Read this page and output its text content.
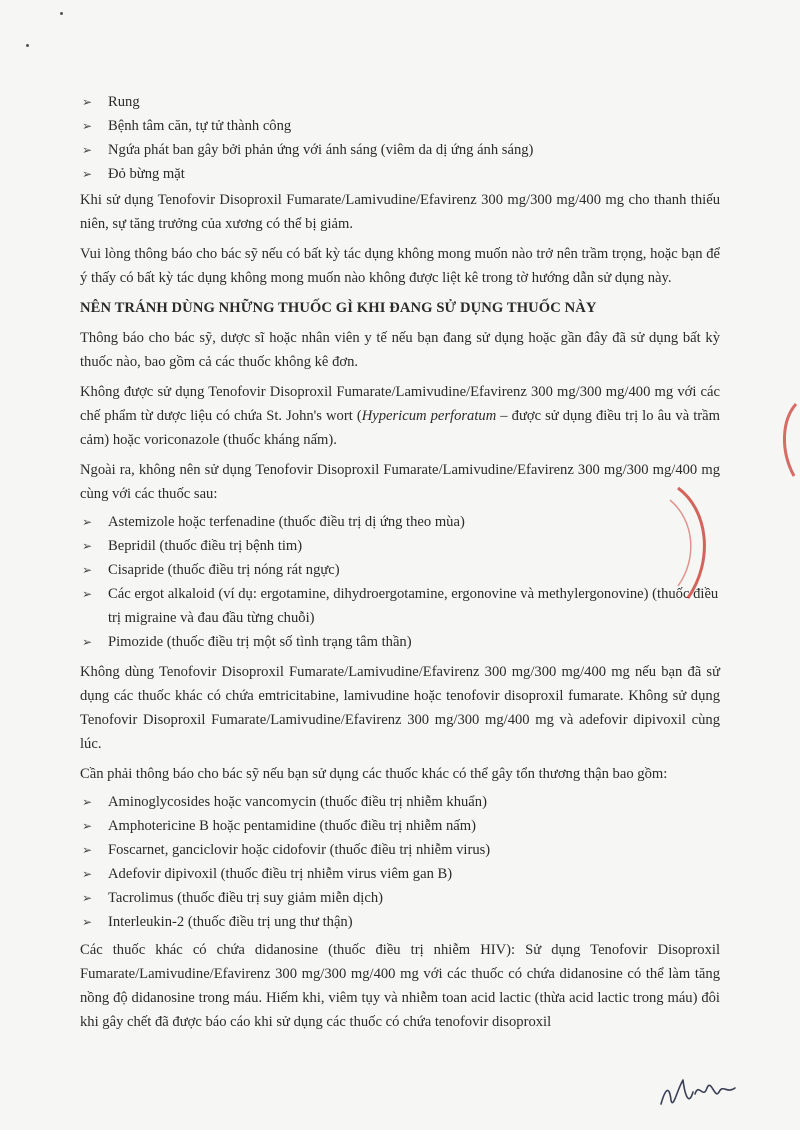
➢ Rung
➢ Bệnh tâm căn, tự tử thành công
➢ Ngứa phát ban gây bởi phản ứng với ánh sáng (viêm da dị ứng ánh sáng)
➢ Đỏ bừng mặt

Khi sử dụng Tenofovir Disoproxil Fumarate/Lamivudine/Efavirenz 300 mg/300 mg/400 mg cho thanh thiếu niên, sự tăng trưởng của xương có thể bị giảm.

Vui lòng thông báo cho bác sỹ nếu có bất kỳ tác dụng không mong muốn nào trở nên trầm trọng, hoặc bạn để ý thấy có bất kỳ tác dụng không mong muốn nào không được liệt kê trong tờ hướng dẫn sử dụng này.

NÊN TRÁNH DÙNG NHỮNG THUỐC GÌ KHI ĐANG SỬ DỤNG THUỐC NÀY

Thông báo cho bác sỹ, dược sĩ hoặc nhân viên y tế nếu bạn đang sử dụng hoặc gần đây đã sử dụng bất kỳ thuốc nào, bao gồm cả các thuốc không kê đơn.

Không được sử dụng Tenofovir Disoproxil Fumarate/Lamivudine/Efavirenz 300 mg/300 mg/400 mg với các chế phẩm từ dược liệu có chứa St. John's wort (Hypericum perforatum – được sử dụng điều trị lo âu và trầm cảm) hoặc voriconazole (thuốc kháng nấm).

Ngoài ra, không nên sử dụng Tenofovir Disoproxil Fumarate/Lamivudine/Efavirenz 300 mg/300 mg/400 mg cùng với các thuốc sau:

➢ Astemizole hoặc terfenadine (thuốc điều trị dị ứng theo mùa)
➢ Bepridil (thuốc điều trị bệnh tim)
➢ Cisapride (thuốc điều trị nóng rát ngực)
➢ Các ergot alkaloid (ví dụ: ergotamine, dihydroergotamine, ergonovine và methylergonovine) (thuốc điều trị migraine và đau đầu từng chuỗi)
➢ Pimozide (thuốc điều trị một số tình trạng tâm thần)

Không dùng Tenofovir Disoproxil Fumarate/Lamivudine/Efavirenz 300 mg/300 mg/400 mg nếu bạn đã sử dụng các thuốc khác có chứa emtricitabine, lamivudine hoặc tenofovir disoproxil fumarate. Không sử dụng Tenofovir Disoproxil Fumarate/Lamivudine/Efavirenz 300 mg/300 mg/400 mg và adefovir dipivoxil cùng lúc.

Cần phải thông báo cho bác sỹ nếu bạn sử dụng các thuốc khác có thể gây tổn thương thận bao gồm:

➢ Aminoglycosides hoặc vancomycin (thuốc điều trị nhiễm khuẩn)
➢ Amphotericine B hoặc pentamidine (thuốc điều trị nhiễm nấm)
➢ Foscarnet, ganciclovir hoặc cidofovir (thuốc điều trị nhiễm virus)
➢ Adefovir dipivoxil (thuốc điều trị nhiễm virus viêm gan B)
➢ Tacrolimus (thuốc điều trị suy giảm miễn dịch)
➢ Interleukin-2 (thuốc điều trị ung thư thận)

Các thuốc khác có chứa didanosine (thuốc điều trị nhiễm HIV): Sử dụng Tenofovir Disoproxil Fumarate/Lamivudine/Efavirenz 300 mg/300 mg/400 mg với các thuốc có chứa didanosine có thể làm tăng nồng độ didanosine trong máu. Hiếm khi, viêm tụy và nhiễm toan acid lactic (thừa acid lactic trong máu) đôi khi gây chết đã được báo cáo khi sử dụng các thuốc có chứa tenofovir disoproxil
